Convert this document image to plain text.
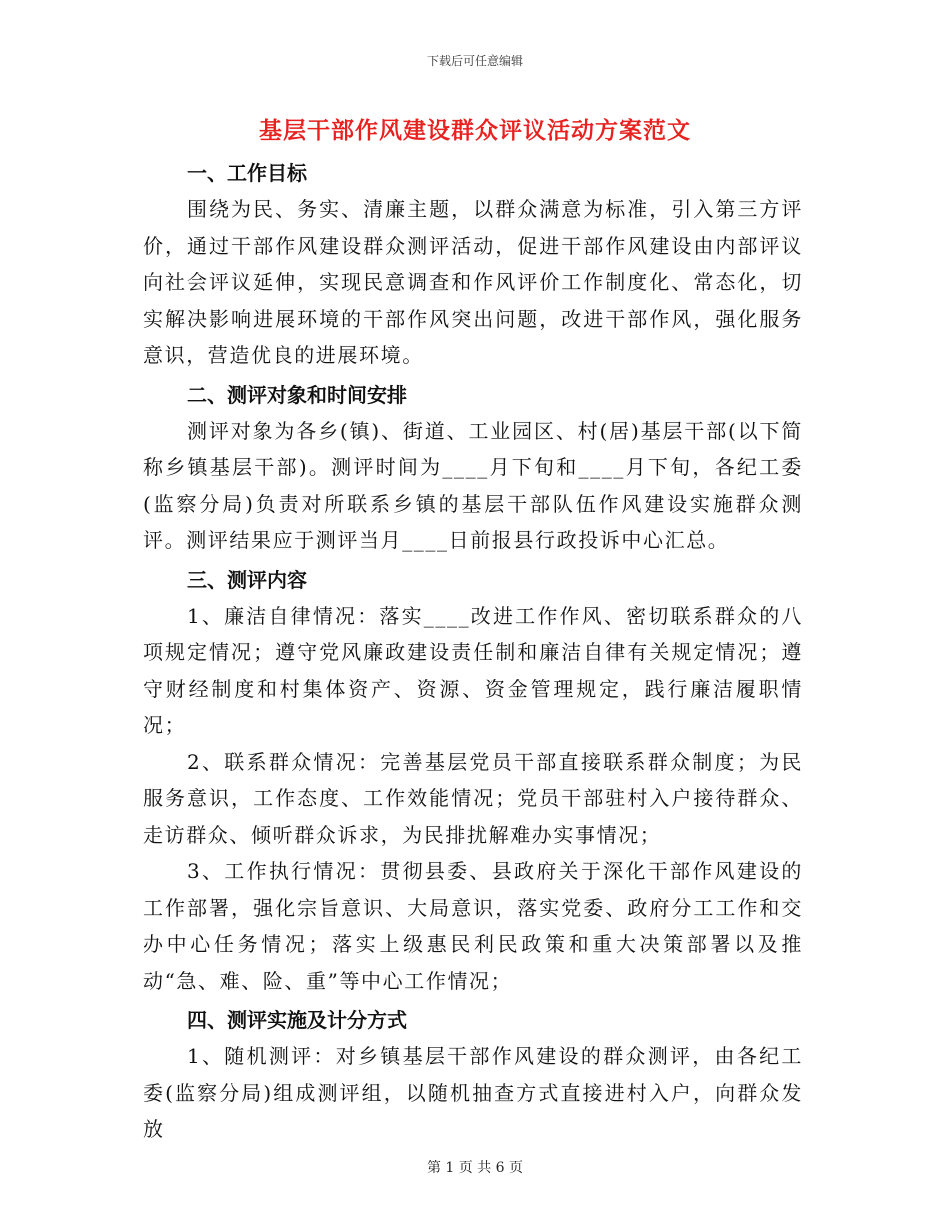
下载后可任意编辑
基层干部作风建设群众评议活动方案范文
一、工作目标

围绕为民、务实、清廉主题，以群众满意为标准，引入第三方评价，通过干部作风建设群众测评活动，促进干部作风建设由内部评议向社会评议延伸，实现民意调查和作风评价工作制度化、常态化，切实解决影响进展环境的干部作风突出问题，改进干部作风，强化服务意识，营造优良的进展环境。

二、测评对象和时间安排

测评对象为各乡(镇)、街道、工业园区、村(居)基层干部(以下简称乡镇基层干部)。测评时间为____月下旬和____月下旬，各纪工委(监察分局)负责对所联系乡镇的基层干部队伍作风建设实施群众测评。测评结果应于测评当月____日前报县行政投诉中心汇总。

三、测评内容

1、廉洁自律情况：落实____改进工作作风、密切联系群众的八项规定情况；遵守党风廉政建设责任制和廉洁自律有关规定情况；遵守财经制度和村集体资产、资源、资金管理规定，践行廉洁履职情况；

2、联系群众情况：完善基层党员干部直接联系群众制度；为民服务意识，工作态度、工作效能情况；党员干部驻村入户接待群众、走访群众、倾听群众诉求，为民排扰解难办实事情况；

3、工作执行情况：贯彻县委、县政府关于深化干部作风建设的工作部署，强化宗旨意识、大局意识，落实党委、政府分工工作和交办中心任务情况；落实上级惠民利民政策和重大决策部署以及推动“急、难、险、重”等中心工作情况；

四、测评实施及计分方式

1、随机测评：对乡镇基层干部作风建设的群众测评，由各纪工委(监察分局)组成测评组，以随机抽查方式直接进村入户，向群众发放

第 1 页 共 6 页
